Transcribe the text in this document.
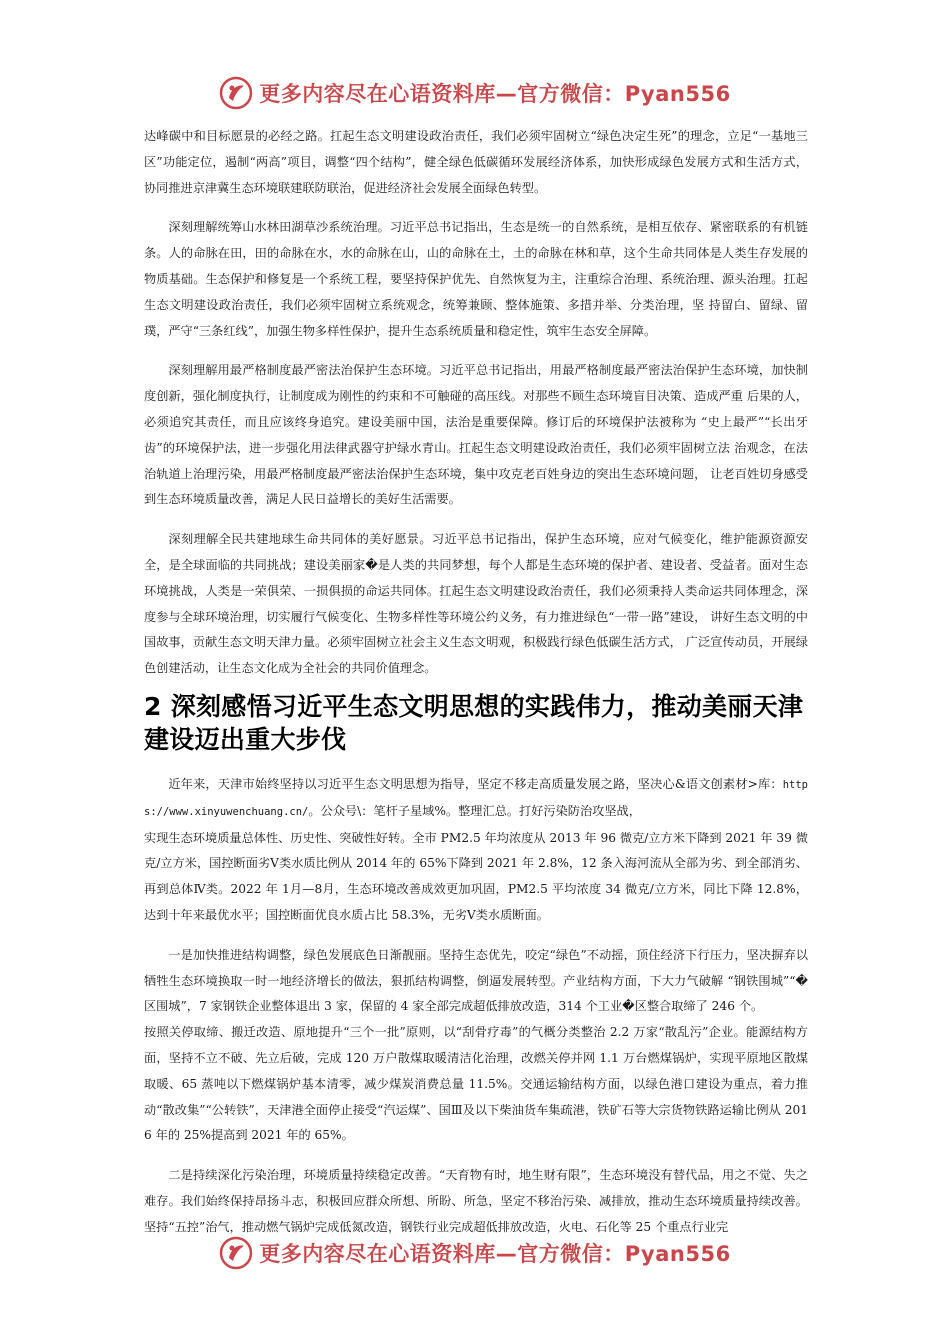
更多内容尽在心语资料库—官方微信：Pyan556

达峰碳中和目标愿景的必经之路。扛起生态文明建设政治责任，我们必须牢固树立“绿色决定生死”的理念，立足“一基地三区”功能定位，遏制“两高”项目，调整“四个结构”，健全绿色低碳循环发展经济体系，加快形成绿色发展方式和生活方式，协同推进京津冀生态环境联建联防联治，促进经济社会发展全面绿色转型。

深刻理解统筹山水林田湖草沙系统治理。习近平总书记指出，生态是统一的自然系统，是相互依存、紧密联系的有机链条。人的命脉在田，田的命脉在水，水的命脉在山，山的命脉在土，土的命脉在林和草，这个生命共同体是人类生存发展的物质基础。生态保护和修复是一个系统工程，要坚持保护优先、自然恢复为主，注重综合治理、系统治理、源头治理。扛起生态文明建设政治责任，我们必须牢固树立系统观念，统筹兼顾、整体施策、多措并举、分类治理，坚 持留白、留绿、留璞，严守“三条红线”，加强生物多样性保护，提升生态系统质量和稳定性，筑牢生态安全屏障。

深刻理解用最严格制度最严密法治保护生态环境。习近平总书记指出，用最严格制度最严密法治保护生态环境，加快制度创新，强化制度执行，让制度成为刚性的约束和不可触碰的高压线。对那些不顾生态环境盲目决策、造成严重 后果的人，必须追究其责任，而且应该终身追究。建设美丽中国，法治是重要保障。修订后的环境保护法被称为 “史上最严”“长出牙齿”的环境保护法，进一步强化用法律武器守护绿水青山。扛起生态文明建设政治责任，我们必须牢固树立法 治观念，在法治轨道上治理污染，用最严格制度最严密法治保护生态环境，集中攻克老百姓身边的突出生态环境问题， 让老百姓切身感受到生态环境质量改善，满足人民日益增长的美好生活需要。

深刻理解全民共建地球生命共同体的美好愿景。习近平总书记指出，保护生态环境，应对气候变化，维护能源资源安全，是全球面临的共同挑战；建设美丽家�是人类的共同梦想，每个人都是生态环境的保护者、建设者、受益者。面对生态环境挑战，人类是一荣俱荣、一损俱损的命运共同体。扛起生态文明建设政治责任，我们必须秉持人类命运共同体理念，深度参与全球环境治理，切实履行气候变化、生物多样性等环境公约义务，有力推进绿色“一带一路”建设， 讲好生态文明的中国故事，贡献生态文明天津力量。必须牢固树立社会主义生态文明观，积极践行绿色低碳生活方式， 广泛宣传动员，开展绿色创建活动，让生态文化成为全社会的共同价值理念。

2 深刻感悟习近平生态文明思想的实践伟力，推动美丽天津建设迈出重大步伐

近年来，天津市始终坚持以习近平生态文明思想为指导，坚定不移走高质量发展之路，坚决心&语文创素材>库：https://www.xinyuwenchuang.cn/。公众号\：笔杆子星域%。整理汇总。打好污染防治攻坚战，

实现生态环境质量总体性、历史性、突破性好转。全市 PM2.5 年均浓度从 2013 年 96 微克/立方米下降到 2021 年 39 微克/立方米，国控断面劣Ⅴ类水质比例从 2014 年的 65%下降到 2021 年 2.8%，12 条入海河流从全部为劣、到全部消劣、再到总体Ⅳ类。2022 年 1月—8月，生态环境改善成效更加巩固，PM2.5 平均浓度 34 微克/立方米，同比下降 12.8%，达到十年来最优水平；国控断面优良水质占比 58.3%，无劣Ⅴ类水质断面。

一是加快推进结构调整，绿色发展底色日渐靓丽。坚持生态优先，咬定“绿色”不动摇，顶住经济下行压力，坚决摒弃以牺牲生态环境换取一时一地经济增长的做法，狠抓结构调整，倒逼发展转型。产业结构方面，下大力气破解 “钢铁围城”“�区围城”，7 家钢铁企业整体退出 3 家，保留的 4 家全部完成超低排放改造，314 个工业�区整合取缔了 246 个。

按照关停取缔、搬迁改造、原地提升“三个一批”原则，以“刮骨疗毒”的气概分类整治 2.2 万家“散乱污”企业。能源结构方面，坚持不立不破、先立后破，完成 120 万户散煤取暖清洁化治理，改燃关停并网 1.1 万台燃煤锅炉，实现平原地区散煤取暖、65 蒸吨以下燃煤锅炉基本清零，减少煤炭消费总量 11.5%。交通运输结构方面，以绿色港口建设为重点，着力推动“散改集”“公转铁”，天津港全面停止接受“汽运煤”、国Ⅲ及以下柴油货车集疏港，铁矿石等大宗货物铁路运输比例从 2016 年的 25%提高到 2021 年的 65%。

二是持续深化污染治理，环境质量持续稳定改善。“天育物有时，地生财有限”，生态环境没有替代品，用之不觉、失之难存。我们始终保持昂扬斗志，积极回应群众所想、所盼、所急，坚定不移治污染、减排放，推动生态环境质量持续改善。坚持“五控”治气，推动燃气锅炉完成低氮改造，钢铁行业完成超低排放改造，火电、石化等 25 个重点行业完

更多内容尽在心语资料库—官方微信：Pyan556
